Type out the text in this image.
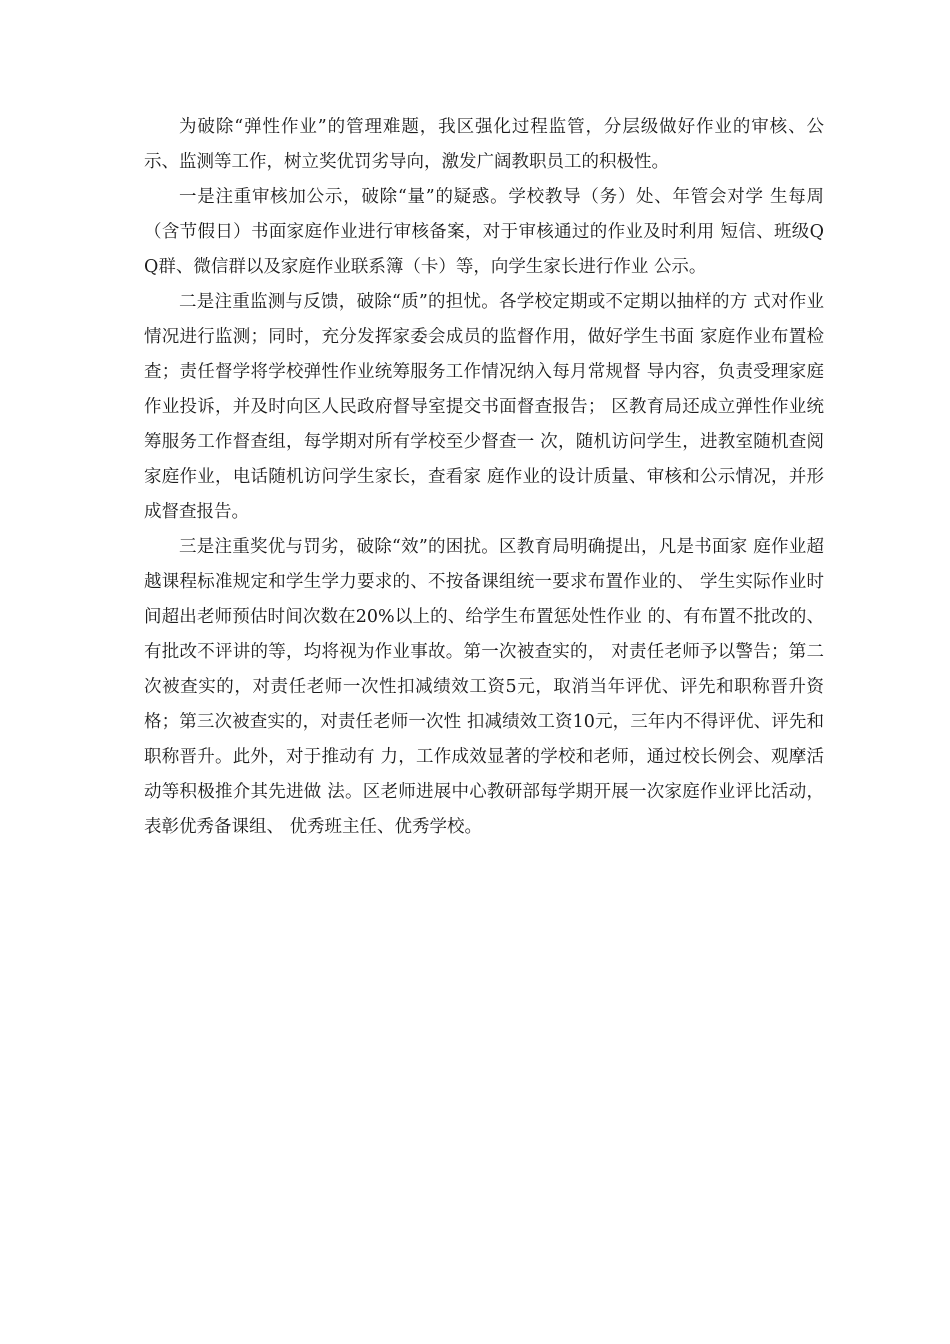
为破除“弹性作业”的管理难题，我区强化过程监管，分层级做好作业的审核、公示、监测等工作，树立奖优罚劣导向，激发广阔教职员工的积极性。

一是注重审核加公示，破除“量”的疑惑。学校教导（务）处、年管会对学 生每周（含节假日）书面家庭作业进行审核备案，对于审核通过的作业及时利用 短信、班级QQ群、微信群以及家庭作业联系簿（卡）等，向学生家长进行作业 公示。

二是注重监测与反馈，破除“质”的担忧。各学校定期或不定期以抽样的方 式对作业情况进行监测；同时，充分发挥家委会成员的监督作用，做好学生书面 家庭作业布置检查；责任督学将学校弹性作业统筹服务工作情况纳入每月常规督 导内容，负责受理家庭作业投诉，并及时向区人民政府督导室提交书面督查报告； 区教育局还成立弹性作业统筹服务工作督查组，每学期对所有学校至少督查一 次，随机访问学生，进教室随机查阅家庭作业，电话随机访问学生家长，查看家 庭作业的设计质量、审核和公示情况，并形成督查报告。

三是注重奖优与罚劣，破除“效”的困扰。区教育局明确提出，凡是书面家 庭作业超越课程标准规定和学生学力要求的、不按备课组统一要求布置作业的、 学生实际作业时间超出老师预估时间次数在20%以上的、给学生布置惩处性作业 的、有布置不批改的、有批改不评讲的等，均将视为作业事故。第一次被查实的， 对责任老师予以警告；第二次被查实的，对责任老师一次性扣减绩效工资5元，取消当年评优、评先和职称晋升资格；第三次被查实的，对责任老师一次性 扣减绩效工资10元，三年内不得评优、评先和职称晋升。此外，对于推动有 力，工作成效显著的学校和老师，通过校长例会、观摩活动等积极推介其先进做 法。区老师进展中心教研部每学期开展一次家庭作业评比活动，表彰优秀备课组、 优秀班主任、优秀学校。
